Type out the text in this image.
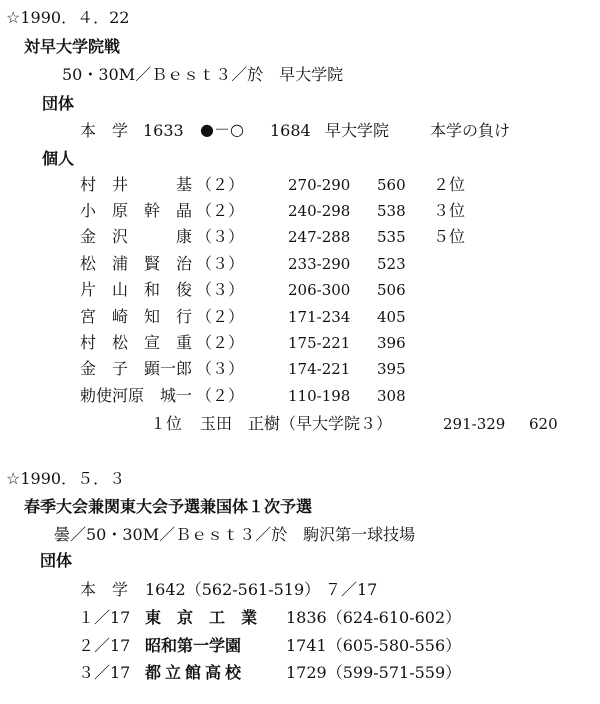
☆1990．４．22
対早大学院戦
50・30M／Ｂｅｓｔ３／於　早大学院
団体
本　学 1633 ●－○ 1684 早大学院	本学の負け
個人
村　井　　　基 （２）	270-290 560 ２位
小　原　幹　晶 （２）	240-298 538 ３位
金　沢　　　康 （３）	247-288 535 ５位
松　浦　賢　治 （３）	233-290 523
片　山　和　俊 （３）	206-300 506
宮　崎　知　行 （２）	171-234 405
村　松　宣　重 （２）	175-221 396
金　子　顕一郎 （３）	174-221 395
勅使河原　城一 （２）	110-198 308
１位 玉田　正樹（早大学院３）	291-329 620
☆1990．５．３
春季大会兼関東大会予選兼国体１次予選
曇／50・30M／Ｂｅｓｔ３／於　駒沢第一球技場
団体
本　学 1642（562-561-519） ７／17
１／17 東　京　工　業 1836（624-610-602）
２／17 昭和第一学園	1741（605-580-556）
３／17 都立館高校	1729（599-571-559）
